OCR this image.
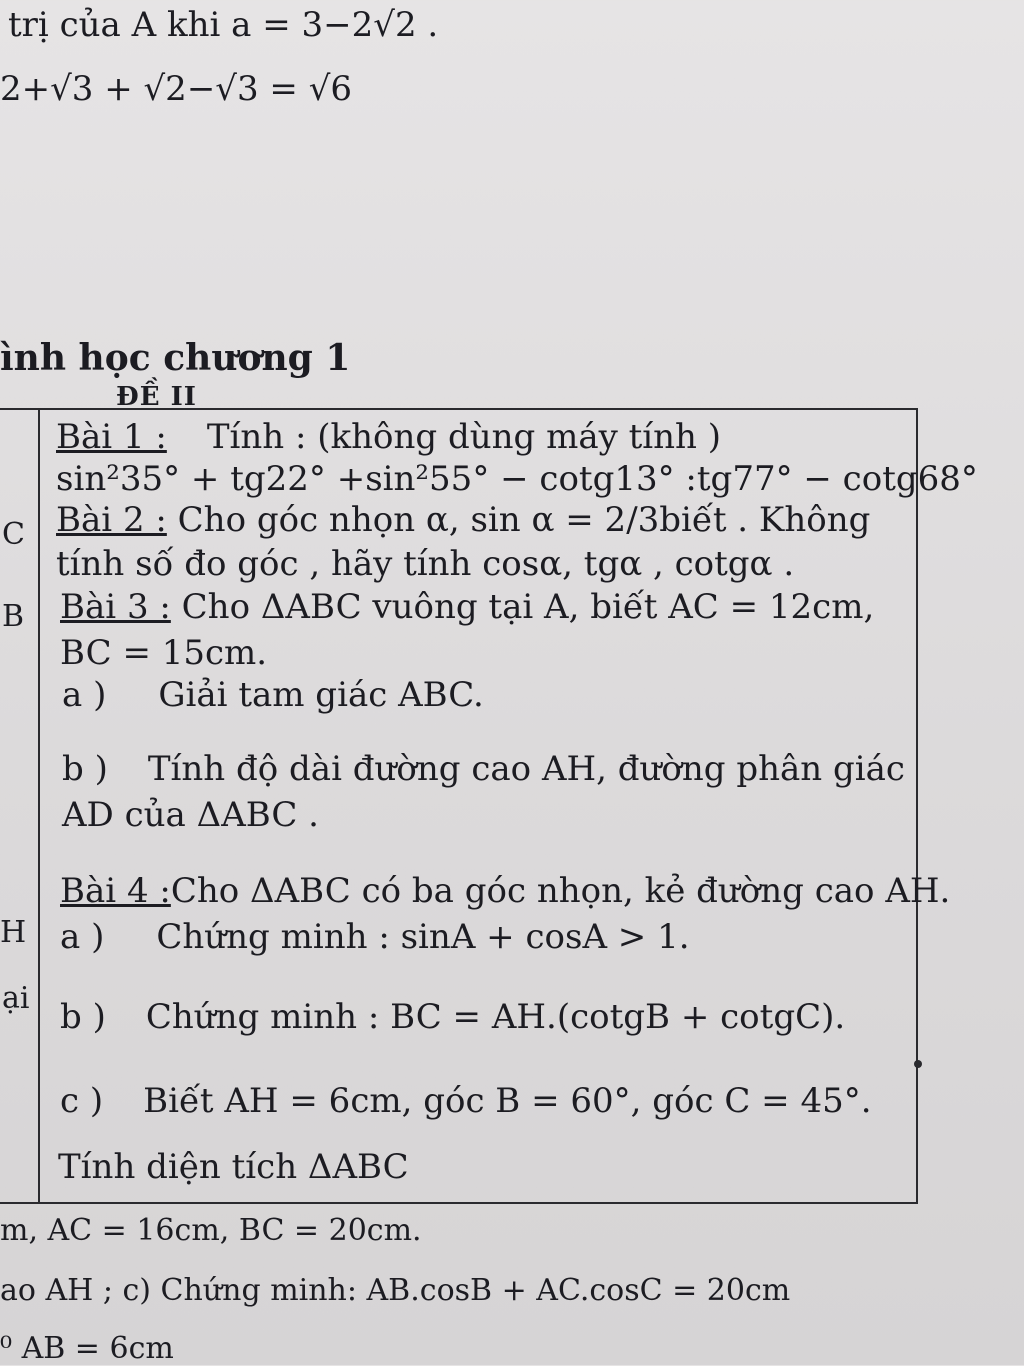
trị của A khi a = 3−2√2 .
2+√3 + √2−√3 = √6
ình học chương 1
ĐỀ II
C
B
H
ại
Bài 1 : Tính : (không dùng máy tính )
sin²35° + tg22° +sin²55° − cotg13° :tg77° − cotg68°
Bài 2 : Cho góc nhọn α, sin α = 2/3biết . Không
tính số đo góc , hãy tính cosα, tgα , cotgα .
Bài 3 : Cho ΔABC vuông tại A, biết AC = 12cm,
BC = 15cm.
a ) Giải tam giác ABC.
b ) Tính độ dài đường cao AH, đường phân giác
AD của ΔABC .
Bài 4 :Cho ΔABC có ba góc nhọn, kẻ đường cao AH.
a ) Chứng minh : sinA + cosA > 1.
b ) Chứng minh : BC = AH.(cotgB + cotgC).
c ) Biết AH = 6cm, góc B = 60°, góc C = 45°.
Tính diện tích ΔABC
m, AC = 16cm, BC = 20cm.
ao AH ; c) Chứng minh: AB.cosB + AC.cosC = 20cm
⁰ AB = 6cm
